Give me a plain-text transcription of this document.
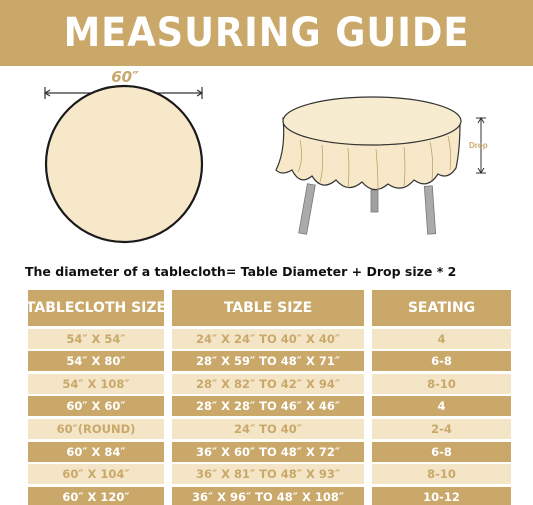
MEASURING GUIDE
60″
Drop
The diameter of a tablecloth= Table Diameter + Drop size * 2
TABLECLOTH SIZE	TABLE SIZE	SEATING
54″ X 54″	24″ X 24″ TO 40″ X 40″	4
54″ X 80″	28″ X 59″ TO 48″ X 71″	6-8
54″ X 108″	28″ X 82″ TO 42″ X 94″	8-10
60″ X 60″	28″ X 28″ TO 46″ X 46″	4
60″(ROUND)	24″ TO 40″	2-4
60″ X 84″	36″ X 60″ TO 48″ X 72″	6-8
60″ X 104″	36″ X 81″ TO 48″ X 93″	8-10
60″ X 120″	36″ X 96″ TO 48″ X 108″	10-12
